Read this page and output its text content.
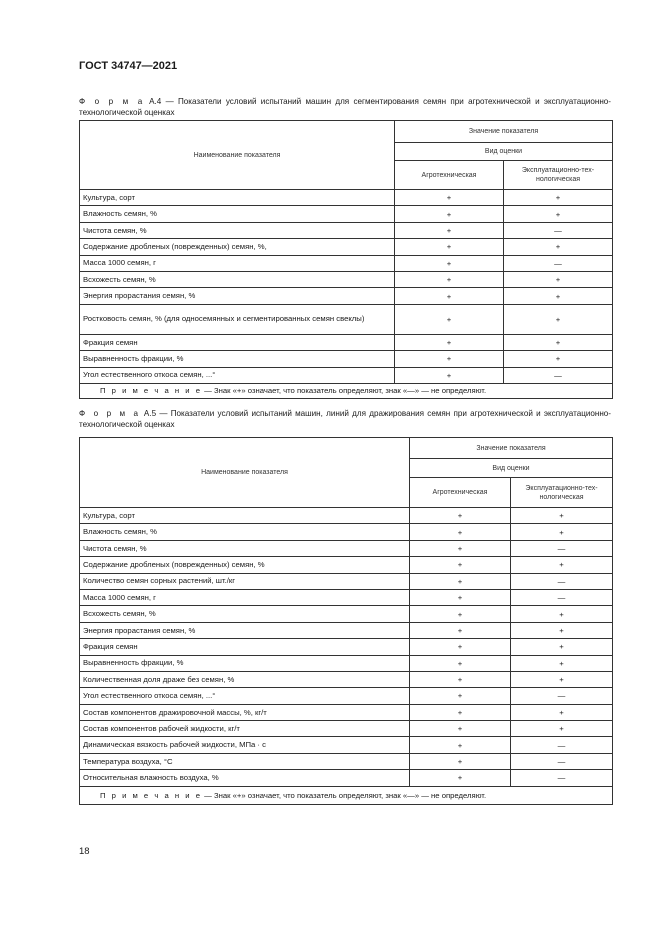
ГОСТ 34747—2021
Ф о р м а А.4 — Показатели условий испытаний машин для сегментирования семян при агротехнической и эксплуатационно-технологической оценках
Наименование показателя	Значение показателя	
	Вид оценки	
	Агротехническая	Эксплуатационно-технологическая
Культура, сорт	+	+
Влажность семян, %	+	+
Чистота семян, %	+	—
Содержание дробленых (поврежденных) семян, %,	+	+
Масса 1000 семян, г	+	—
Всхожесть семян, %	+	+
Энергия прорастания семян, %	+	+
Ростковость семян, % (для односемянных и сегментированных семян свеклы)	+	+
Фракция семян	+	+
Выравненность фракции, %	+	+
Угол естественного откоса семян, ...°	+	—
П р и м е ч а н и е — Знак «+» означает, что показатель определяют, знак «—» — не определяют.		
Ф о р м а А.5 — Показатели условий испытаний машин, линий для дражирования семян при агротехнической и эксплуатационно-технологической оценках
Наименование показателя	Значение показателя	
	Вид оценки	
	Агротехническая	Эксплуатационно-технологическая
Культура, сорт	+	+
Влажность семян, %	+	+
Чистота семян, %	+	—
Содержание дробленых (поврежденных) семян, %	+	+
Количество семян сорных растений, шт./кг	+	—
Масса 1000 семян, г	+	—
Всхожесть семян, %	+	+
Энергия прорастания семян, %	+	+
Фракция семян	+	+
Выравненность фракции, %	+	+
Количественная доля драже без семян, %	+	+
Угол естественного откоса семян, ...°	+	—
Состав компонентов дражировочной массы, %, кг/т	+	+
Состав компонентов рабочей жидкости, кг/т	+	+
Динамическая вязкость рабочей жидкости, МПа · с	+	—
Температура воздуха, °С	+	—
Относительная влажность воздуха, %	+	—
П р и м е ч а н и е — Знак «+» означает, что показатель определяют, знак «—» — не определяют.		
18
